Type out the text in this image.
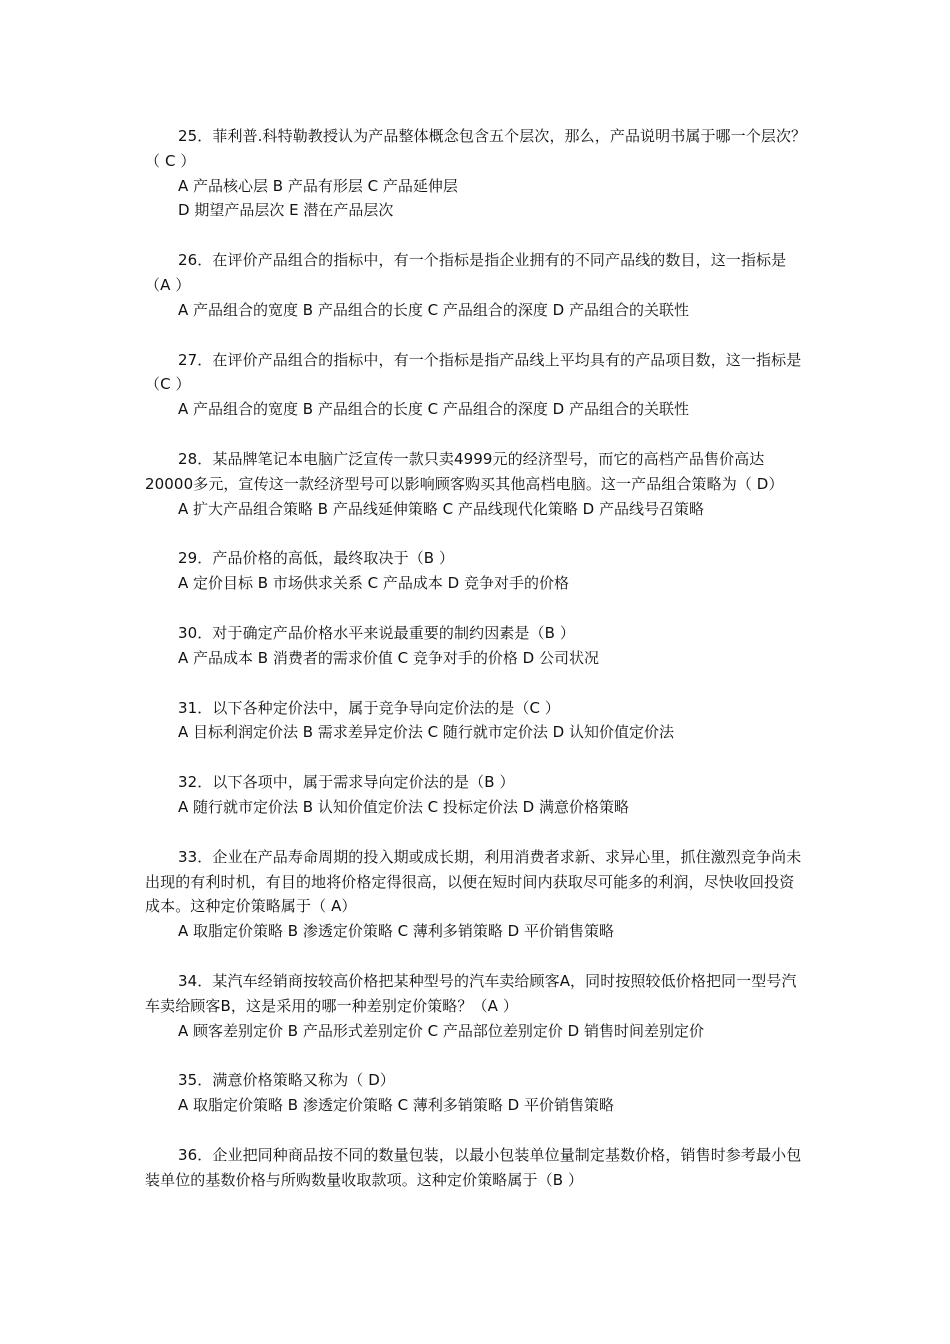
25．菲利普.科特勒教授认为产品整体概念包含五个层次，那么，产品说明书属于哪一个层次？（ C ）

A 产品核心层 B 产品有形层 C 产品延伸层

D 期望产品层次 E 潜在产品层次

26．在评价产品组合的指标中，有一个指标是指企业拥有的不同产品线的数目，这一指标是（A ）

A 产品组合的宽度 B 产品组合的长度 C 产品组合的深度 D 产品组合的关联性

27．在评价产品组合的指标中，有一个指标是指产品线上平均具有的产品项目数，这一指标是（C ）

A 产品组合的宽度 B 产品组合的长度 C 产品组合的深度 D 产品组合的关联性

28．某品牌笔记本电脑广泛宣传一款只卖4999元的经济型号，而它的高档产品售价高达20000多元，宣传这一款经济型号可以影响顾客购买其他高档电脑。这一产品组合策略为（ D）

A 扩大产品组合策略 B 产品线延伸策略 C 产品线现代化策略 D 产品线号召策略

29．产品价格的高低，最终取决于（B ）

A 定价目标 B 市场供求关系 C 产品成本 D 竞争对手的价格

30．对于确定产品价格水平来说最重要的制约因素是（B ）

A 产品成本 B 消费者的需求价值 C 竞争对手的价格 D 公司状况

31．以下各种定价法中，属于竞争导向定价法的是（C ）

A 目标利润定价法 B 需求差异定价法 C 随行就市定价法 D 认知价值定价法

32．以下各项中，属于需求导向定价法的是（B ）

A 随行就市定价法 B 认知价值定价法 C 投标定价法 D 满意价格策略

33．企业在产品寿命周期的投入期或成长期，利用消费者求新、求异心里，抓住激烈竞争尚未出现的有利时机，有目的地将价格定得很高，以便在短时间内获取尽可能多的利润，尽快收回投资成本。这种定价策略属于（ A）

A 取脂定价策略 B 渗透定价策略 C 薄利多销策略 D 平价销售策略

34．某汽车经销商按较高价格把某种型号的汽车卖给顾客A，同时按照较低价格把同一型号汽车卖给顾客B，这是采用的哪一种差别定价策略？（A ）

A 顾客差别定价 B 产品形式差别定价 C 产品部位差别定价 D 销售时间差别定价

35．满意价格策略又称为（ D）

A 取脂定价策略 B 渗透定价策略 C 薄利多销策略 D 平价销售策略

36．企业把同种商品按不同的数量包装，以最小包装单位量制定基数价格，销售时参考最小包装单位的基数价格与所购数量收取款项。这种定价策略属于（B ）
